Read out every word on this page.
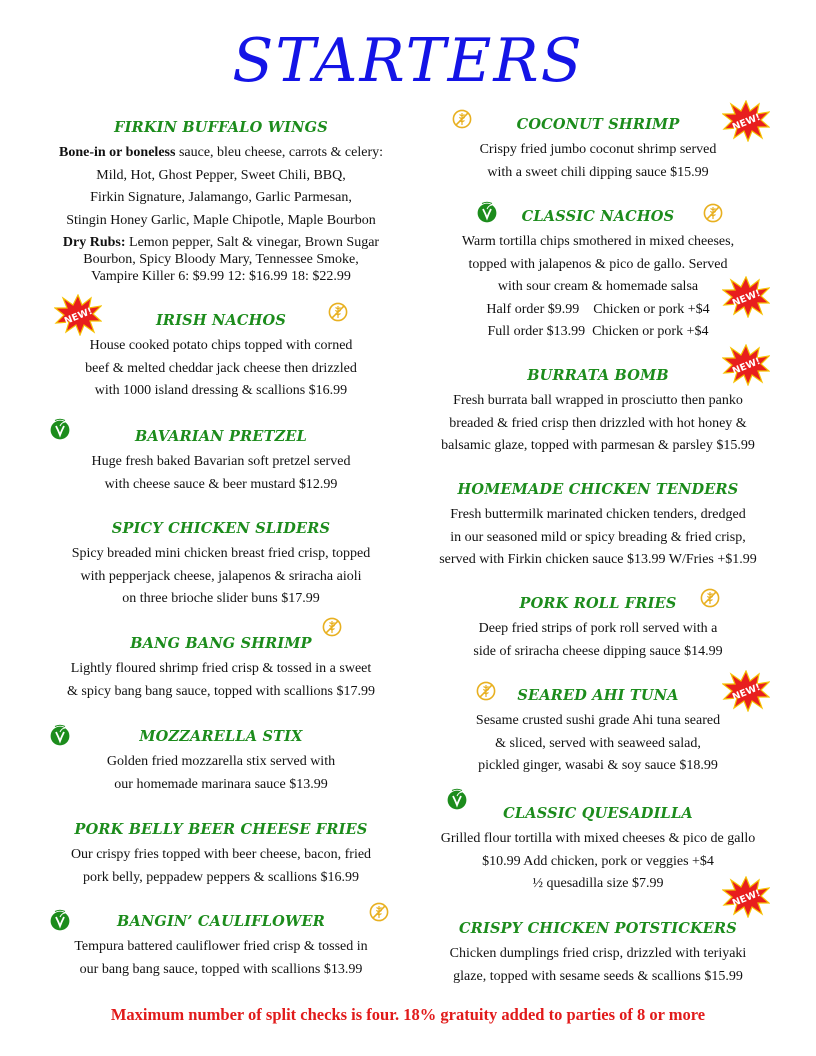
STARTERS
FIRKIN BUFFALO WINGS
Bone-in or boneless sauce, bleu cheese, carrots & celery:
Mild, Hot, Ghost Pepper, Sweet Chili, BBQ,
Firkin Signature, Jalamango, Garlic Parmesan,
Stingin Honey Garlic, Maple Chipotle, Maple Bourbon
Dry Rubs: Lemon pepper, Salt & vinegar, Brown Sugar
Bourbon, Spicy Bloody Mary, Tennessee Smoke,
Vampire Killer 6: $9.99 12: $16.99 18: $22.99
IRISH NACHOS
House cooked potato chips topped with corned
beef & melted cheddar jack cheese then drizzled
with 1000 island dressing & scallions $16.99
BAVARIAN PRETZEL
Huge fresh baked Bavarian soft pretzel served
with cheese sauce & beer mustard $12.99
SPICY CHICKEN SLIDERS
Spicy breaded mini chicken breast fried crisp, topped
with pepperjack cheese, jalapenos & sriracha aioli
on three brioche slider buns $17.99
BANG BANG SHRIMP
Lightly floured shrimp fried crisp & tossed in a sweet
& spicy bang bang sauce, topped with scallions $17.99
MOZZARELLA STIX
Golden fried mozzarella stix served with
our homemade marinara sauce $13.99
PORK BELLY BEER CHEESE FRIES
Our crispy fries topped with beer cheese, bacon, fried
pork belly, peppadew peppers & scallions $16.99
BANGIN’ CAULIFLOWER
Tempura battered cauliflower fried crisp & tossed in
our bang bang sauce, topped with scallions $13.99
COCONUT SHRIMP
Crispy fried jumbo coconut shrimp served
with a sweet chili dipping sauce $15.99
CLASSIC NACHOS
Warm tortilla chips smothered in mixed cheeses,
topped with jalapenos & pico de gallo. Served
with sour cream & homemade salsa
Half order $9.99    Chicken or pork +$4
Full order $13.99  Chicken or pork +$4
BURRATA BOMB
Fresh burrata ball wrapped in prosciutto then panko
breaded & fried crisp then drizzled with hot honey &
balsamic glaze, topped with parmesan & parsley $15.99
HOMEMADE CHICKEN TENDERS
Fresh buttermilk marinated chicken tenders, dredged
in our seasoned mild or spicy breading & fried crisp,
served with Firkin chicken sauce $13.99 W/Fries +$1.99
PORK ROLL FRIES
Deep fried strips of pork roll served with a
side of sriracha cheese dipping sauce $14.99
SEARED AHI TUNA
Sesame crusted sushi grade Ahi tuna seared
& sliced, served with seaweed salad,
pickled ginger, wasabi & soy sauce $18.99
CLASSIC QUESADILLA
Grilled flour tortilla with mixed cheeses & pico de gallo
$10.99 Add chicken, pork or veggies +$4
½ quesadilla size $7.99
CRISPY CHICKEN POTSTICKERS
Chicken dumplings fried crisp, drizzled with teriyaki
glaze, topped with sesame seeds & scallions $15.99
NEW!
NEW!
NEW!
NEW!
NEW!
NEW!
Maximum number of split checks is four. 18% gratuity added to parties of 8 or more
